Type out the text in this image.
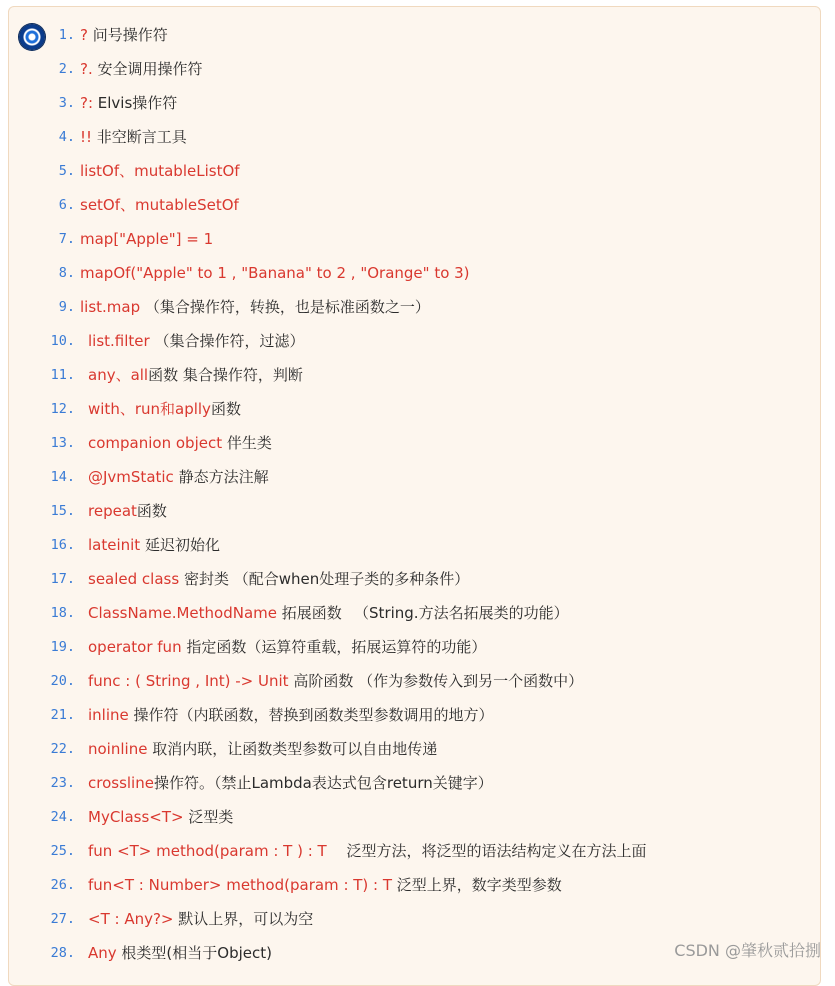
1. ? 问号操作符
2. ?. 安全调用操作符
3. ?: Elvis操作符
4. !! 非空断言工具
5. listOf、mutableListOf
6. setOf、mutableSetOf
7. map["Apple"] = 1
8. mapOf("Apple" to 1 , "Banana" to 2 , "Orange" to 3)
9. list.map （集合操作符，转换，也是标准函数之一）
10. list.filter （集合操作符，过滤）
11. any、all函数 集合操作符，判断
12. with、run和aplly函数
13. companion object 伴生类
14. @JvmStatic 静态方法注解
15. repeat函数
16. lateinit 延迟初始化
17. sealed class 密封类 （配合when处理子类的多种条件）
18. ClassName.MethodName 拓展函数 　（String.方法名拓展类的功能）
19. operator fun 指定函数（运算符重载，拓展运算符的功能）
20. func : ( String , Int) -> Unit 高阶函数 （作为参数传入到另一个函数中）
21. inline 操作符（内联函数，替换到函数类型参数调用的地方）
22. noinline 取消内联，让函数类型参数可以自由地传递
23. crossline操作符。（禁止Lambda表达式包含return关键字）
24. MyClass<T> 泛型类
25. fun <T> method(param : T ) : T 　泛型方法，将泛型的语法结构定义在方法上面
26. fun<T : Number> method(param : T) : T 泛型上界，数字类型参数
27. <T : Any?> 默认上界，可以为空
28. Any 根类型(相当于Object)	CSDN @肇秋贰拾捌
